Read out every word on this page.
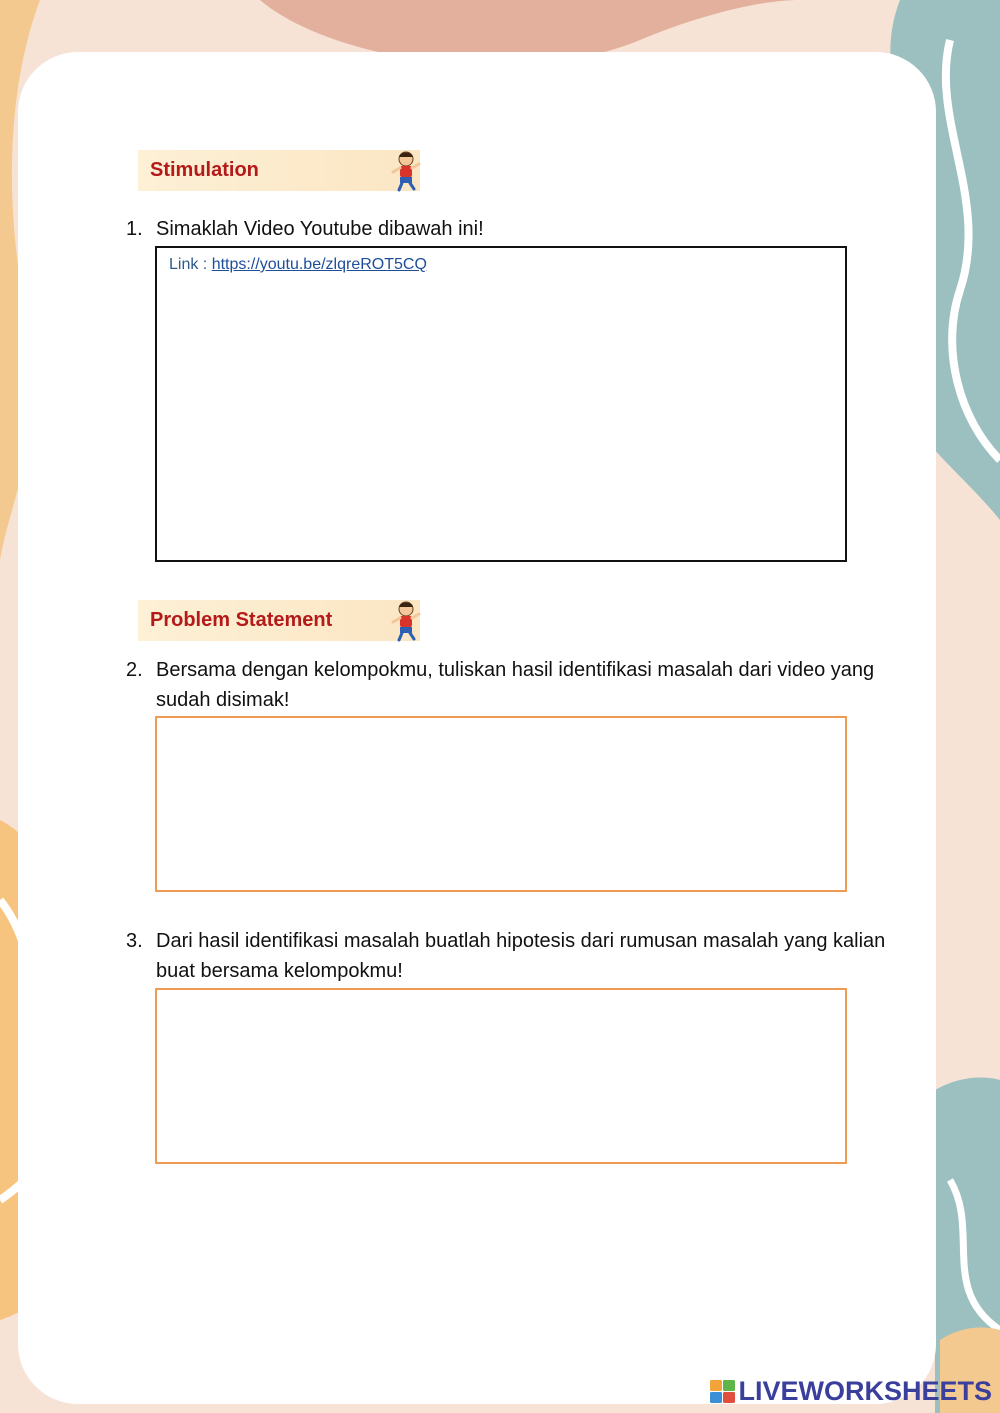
Stimulation
1. Simaklah Video Youtube dibawah ini!
Link : https://youtu.be/zlqreROT5CQ
Problem Statement
2. Bersama dengan kelompokmu, tuliskan hasil identifikasi masalah dari video yang sudah disimak!
3. Dari hasil identifikasi masalah buatlah hipotesis dari rumusan masalah yang kalian buat bersama kelompokmu!
LIVEWORKSHEETS
